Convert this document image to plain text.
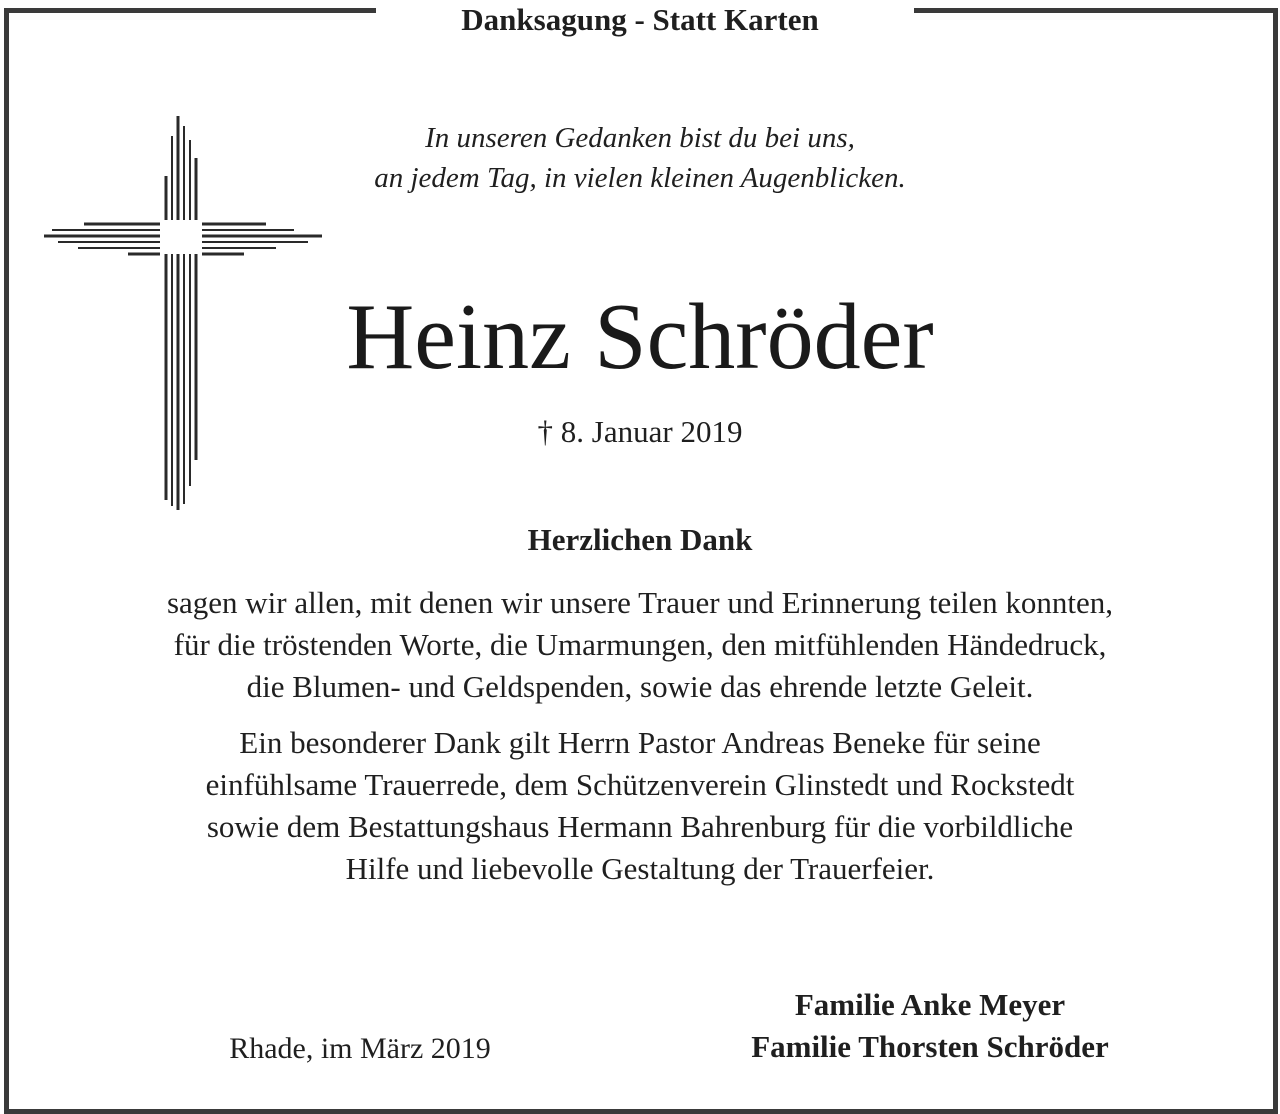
Danksagung - Statt Karten
In unseren Gedanken bist du bei uns,
an jedem Tag, in vielen kleinen Augenblicken.
Heinz Schröder
† 8. Januar 2019
Herzlichen Dank
sagen wir allen, mit denen wir unsere Trauer und Erinnerung teilen konnten,
für die tröstenden Worte, die Umarmungen, den mitfühlenden Händedruck,
die Blumen- und Geldspenden, sowie das ehrende letzte Geleit.
Ein besonderer Dank gilt Herrn Pastor Andreas Beneke für seine
einfühlsame Trauerrede, dem Schützenverein Glinstedt und Rockstedt
sowie dem Bestattungshaus Hermann Bahrenburg für die vorbildliche
Hilfe und liebevolle Gestaltung der Trauerfeier.
Rhade, im März 2019
Familie Anke Meyer
Familie Thorsten Schröder
